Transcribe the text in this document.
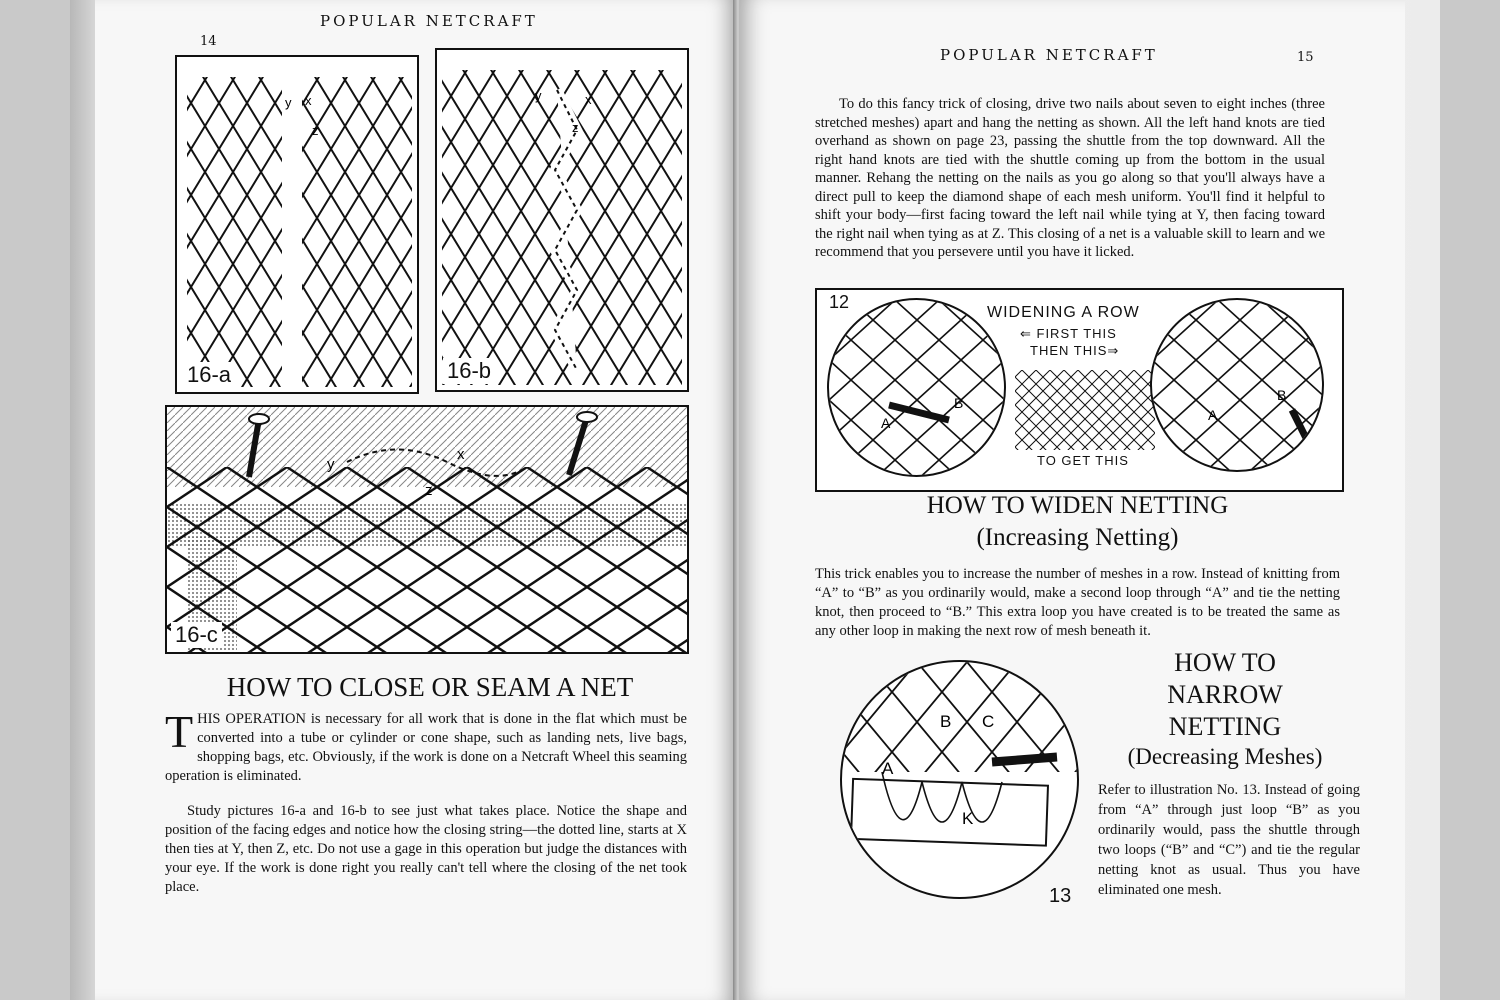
POPULAR NETCRAFT
14
y x
z
16-a
y	x
z
16-b
y
x
z
16-c
HOW TO CLOSE OR SEAM A NET

THIS OPERATION is necessary for all work that is done in the flat which must be converted into a tube or cylinder or cone shape, such as landing nets, live bags, shopping bags, etc. Obviously, if the work is done on a Netcraft Wheel this seaming operation is eliminated.

Study pictures 16-a and 16-b to see just what takes place. Notice the shape and position of the facing edges and notice how the closing string—the dotted line, starts at X then ties at Y, then Z, etc. Do not use a gage in this operation but judge the distances with your eye. If the work is done right you really can't tell where the closing of the net took place.

POPULAR NETCRAFT	15

To do this fancy trick of closing, drive two nails about seven to eight inches (three stretched meshes) apart and hang the netting as shown. All the left hand knots are tied overhand as shown on page 23, passing the shuttle from the top downward. All the right hand knots are tied with the shuttle coming up from the bottom in the usual manner. Rehang the netting on the nails as you go along so that you'll always have a direct pull to keep the diamond shape of each mesh uniform. You'll find it helpful to shift your body—first facing toward the left nail while tying at Y, then facing toward the right nail when tying as at Z. This closing of a net is a valuable skill to learn and we recommend that you persevere until you have it licked.

12
A
B
WIDENING A ROW
⇐ FIRST THIS
THEN THIS⇒
TO GET THIS
A
B
HOW TO WIDEN NETTING
(Increasing Netting)

This trick enables you to increase the number of meshes in a row. Instead of knitting from “A” to “B” as you ordinarily would, make a second loop through “A” and tie the netting knot, then proceed to “B.” This extra loop you have created is to be treated the same as any other loop in making the next row of mesh beneath it.

A
B C
K
13
HOW TO
NARROW
NETTING
(Decreasing Meshes)

Refer to illustration No. 13. Instead of going from “A” through just loop “B” as you ordinarily would, pass the shuttle through two loops (“B” and “C”) and tie the regular netting knot as usual. Thus you have eliminated one mesh.
